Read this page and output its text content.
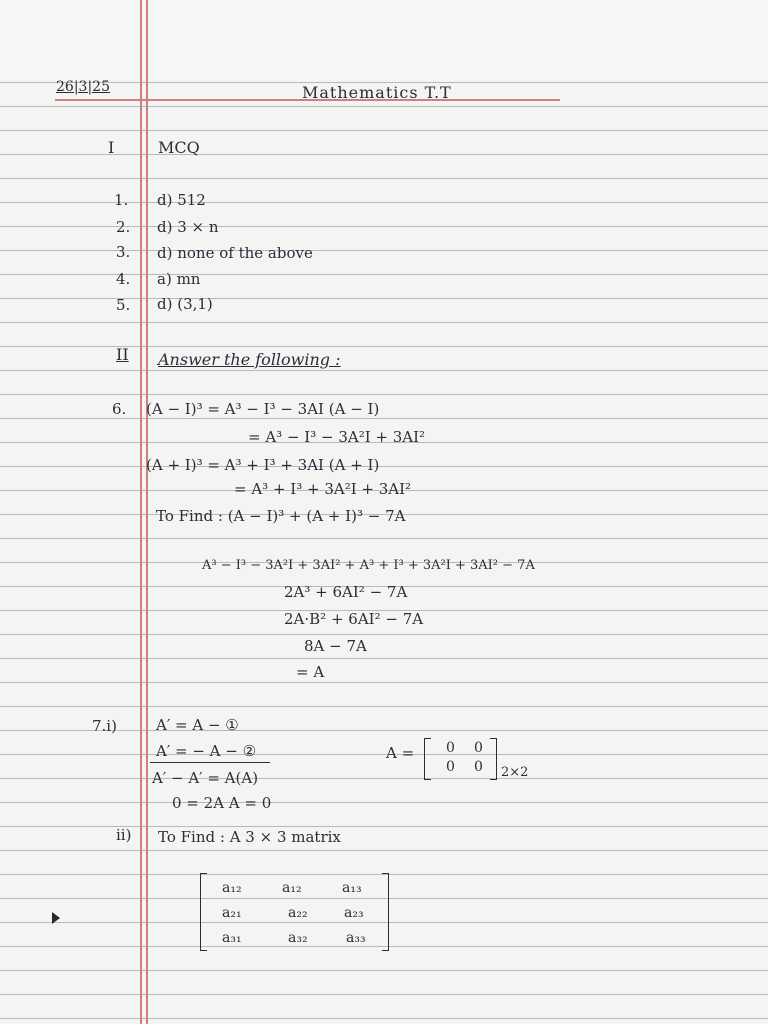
26|3|25	Mathematics T.T
I	MCQ
1. d) 512
2. d) 3 × n
3. d) none of the above
4. a) mn
5. d) (3,1)
II Answer the following :
6. (A − I)³ = A³ − I³ − 3AI (A − I)
= A³ − I³ − 3A²I + 3AI²
(A + I)³ = A³ + I³ + 3AI (A + I)
= A³ + I³ + 3A²I + 3AI²
To Find : (A − I)³ + (A + I)³ − 7A
A³ − I³ − 3A²I + 3AI² + A³ + I³ + 3A²I + 3AI² − 7A
2A³ + 6AI² − 7A
2A·B² + 6AI² − 7A
8A − 7A
= A
7.i)	A′ = A − ①
A′ = − A − ②
A′ − A′ = A(A)
0 = 2A A = 0
A = 0 0
0 0 2×2
ii) To Find : A 3 × 3 matrix
a₁₂	a₁₂	a₁₃
a₂₁	a₂₂	a₂₃
a₃₁	a₃₂	a₃₃
